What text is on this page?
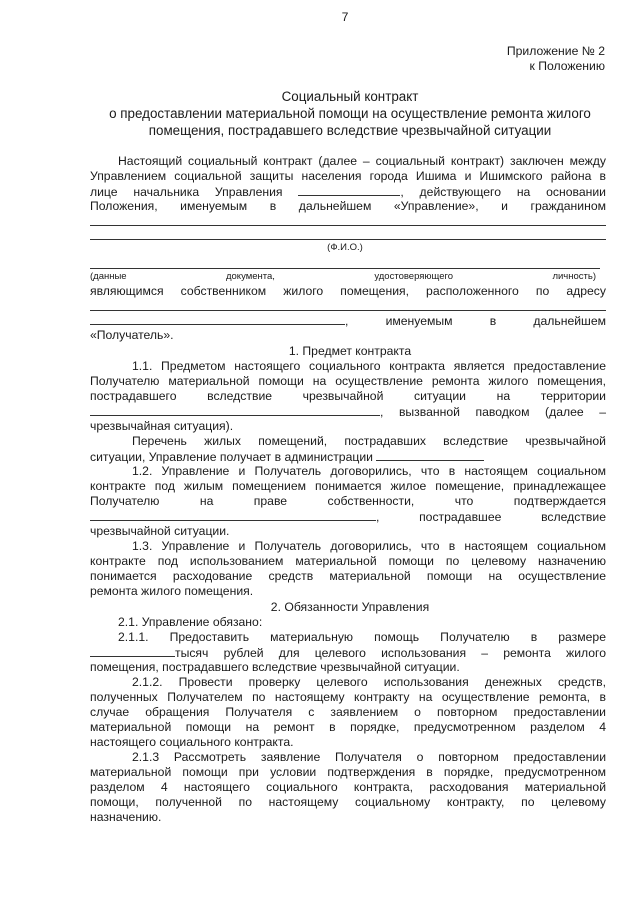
7
Приложение № 2
к Положению
Социальный контракт
о предоставлении материальной помощи на осуществление ремонта жилого
помещения, пострадавшего вследствие чрезвычайной ситуации
Настоящий социальный контракт (далее – социальный контракт) заключен между
Управлением социальной защиты населения города Ишима и Ишимского района в
лице начальника Управления	, действующего на основании
Положения, именуемым в дальнейшем «Управление», и гражданином
(Ф.И.О.)
(данные документа, удостоверяющего личность)
являющимся собственником жилого помещения, расположенного по адресу
, именуемым в дальнейшем
«Получатель».
1. Предмет контракта
1.1. Предметом настоящего социального контракта является предоставление
Получателю материальной помощи на осуществление ремонта жилого помещения,
пострадавшего вследствие чрезвычайной ситуации на территории
, вызванной паводком (далее –
чрезвычайная ситуация).
Перечень жилых помещений, пострадавших вследствие чрезвычайной
ситуации, Управление получает в администрации
1.2. Управление и Получатель договорились, что в настоящем социальном
контракте под жилым помещением понимается жилое помещение, принадлежащее
Получателю на праве собственности, что подтверждается
, пострадавшее вследствие
чрезвычайной ситуации.
1.3. Управление и Получатель договорились, что в настоящем социальном
контракте под использованием материальной помощи по целевому назначению
понимается расходование средств материальной помощи на осуществление
ремонта жилого помещения.
2. Обязанности Управления
2.1. Управление обязано:
2.1.1. Предоставить материальную помощь Получателю в размере
тысяч рублей для целевого использования – ремонта жилого
помещения, пострадавшего вследствие чрезвычайной ситуации.
2.1.2. Провести проверку целевого использования денежных средств,
полученных Получателем по настоящему контракту на осуществление ремонта, в
случае обращения Получателя с заявлением о повторном предоставлении
материальной помощи на ремонт в порядке, предусмотренном разделом 4
настоящего социального контракта.
2.1.3 Рассмотреть заявление Получателя о повторном предоставлении
материальной помощи при условии подтверждения в порядке, предусмотренном
разделом 4 настоящего социального контракта, расходования материальной
помощи, полученной по настоящему социальному контракту, по целевому
назначению.
